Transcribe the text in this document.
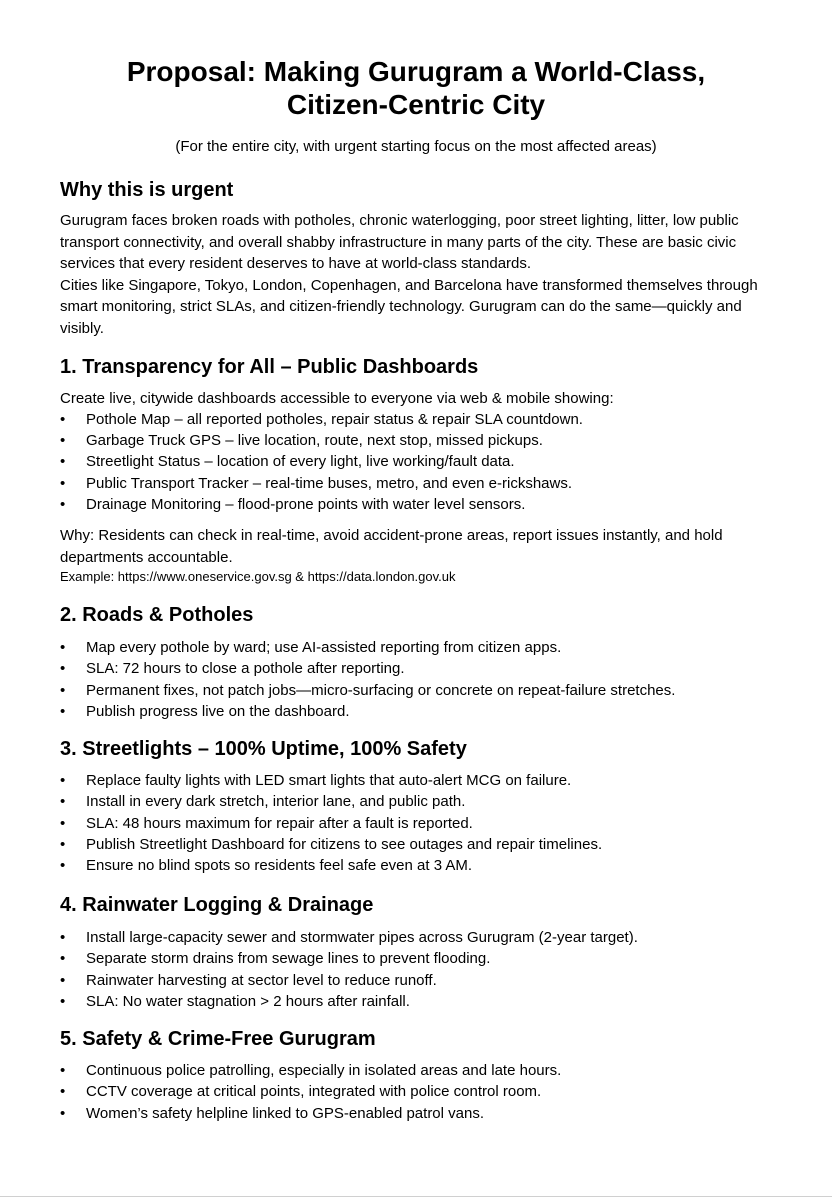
Proposal: Making Gurugram a World-Class,
Citizen-Centric City
(For the entire city, with urgent starting focus on the most affected areas)
Why this is urgent
Gurugram faces broken roads with potholes, chronic waterlogging, poor street lighting, litter, low public transport connectivity, and overall shabby infrastructure in many parts of the city. These are basic civic services that every resident deserves to have at world-class standards.
Cities like Singapore, Tokyo, London, Copenhagen, and Barcelona have transformed themselves through smart monitoring, strict SLAs, and citizen-friendly technology. Gurugram can do the same—quickly and visibly.
1. Transparency for All – Public Dashboards
Create live, citywide dashboards accessible to everyone via web & mobile showing:
• Pothole Map – all reported potholes, repair status & repair SLA countdown.
• Garbage Truck GPS – live location, route, next stop, missed pickups.
• Streetlight Status – location of every light, live working/fault data.
• Public Transport Tracker – real-time buses, metro, and even e-rickshaws.
• Drainage Monitoring – flood-prone points with water level sensors.
Why: Residents can check in real-time, avoid accident-prone areas, report issues instantly, and hold departments accountable.
Example: https://www.oneservice.gov.sg & https://data.london.gov.uk
2. Roads & Potholes
• Map every pothole by ward; use AI-assisted reporting from citizen apps.
• SLA: 72 hours to close a pothole after reporting.
• Permanent fixes, not patch jobs—micro-surfacing or concrete on repeat-failure stretches.
• Publish progress live on the dashboard.
3. Streetlights – 100% Uptime, 100% Safety
• Replace faulty lights with LED smart lights that auto-alert MCG on failure.
• Install in every dark stretch, interior lane, and public path.
• SLA: 48 hours maximum for repair after a fault is reported.
• Publish Streetlight Dashboard for citizens to see outages and repair timelines.
• Ensure no blind spots so residents feel safe even at 3 AM.
4. Rainwater Logging & Drainage
• Install large-capacity sewer and stormwater pipes across Gurugram (2-year target).
• Separate storm drains from sewage lines to prevent flooding.
• Rainwater harvesting at sector level to reduce runoff.
• SLA: No water stagnation > 2 hours after rainfall.
5. Safety & Crime-Free Gurugram
• Continuous police patrolling, especially in isolated areas and late hours.
• CCTV coverage at critical points, integrated with police control room.
• Women’s safety helpline linked to GPS-enabled patrol vans.
